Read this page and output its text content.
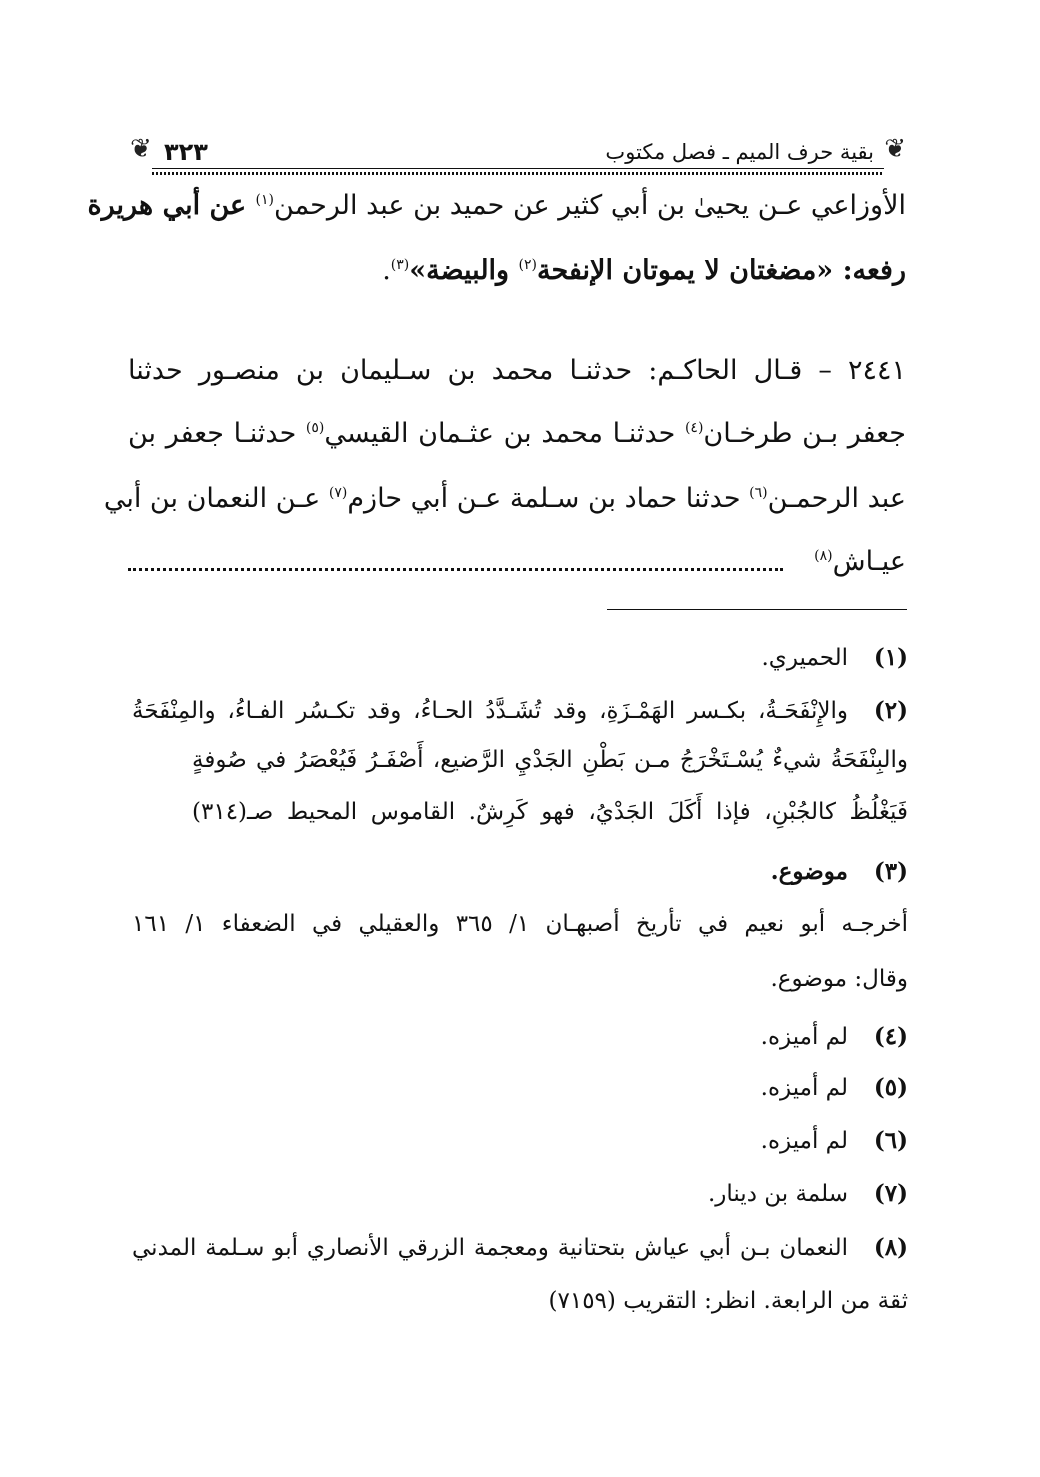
❦
بقية حرف الميم ـ فصل مكتوب
٣٢٣
❦
الأوزاعي عـن يحيىٰ بن أبي كثير عن حميد بن عبد الرحمن$^{(١)}$ عن أبي هريرة
رفعه: «مضغتان لا يموتان الإنفحة$^{(٢)}$ والبيضة»$^{(٣)}$.
٢٤٤١ – قـال الحاكـم: حدثنـا محمد بن سـليمان بن منصـور حدثنا
جعفر بـن طرخـان$^{(٤)}$ حدثنـا محمد بن عثـمان القيسي$^{(٥)}$ حدثنـا جعفر بن
عبد الرحمـن$^{(٦)}$ حدثنا حماد بن سـلمة عـن أبي حازم$^{(٧)}$ عـن النعمان بن أبي
عيـاش$^{(٨)}$
(١)الحميري.
(٢)والإِنْفَحَـةُ، بكـسر الهَمْـزَةِ، وقد تُشَـدَّدُ الحـاءُ، وقد تكـسُر الفـاءُ، والمِنْفَحَةُ
والبِنْفَحَةُ شيءٌ يُسْـتَخْرَجُ مـن بَطْنِ الجَدْيِ الرَّضيع، أَصْفَـرُ فَيُعْصَرُ في صُوفةٍ
فَيَغْلُظُ كالجُبْنِ، فإذا أَكَلَ الجَدْيُ، فهو كَرِشٌ. القاموس المحيط صـ(٣١٤)
(٣)موضوع.
أخرجـه أبو نعيم في تأريخ أصبهـان ١/ ٣٦٥ والعقيلي في الضعفاء ١/ ١٦١
وقال: موضوع.
(٤)لم أميزه.
(٥)لم أميزه.
(٦)لم أميزه.
(٧)سلمة بن دينار.
(٨)النعمان بـن أبي عياش بتحتانية ومعجمة الزرقي الأنصاري أبو سـلمة المدني
ثقة من الرابعة. انظر: التقريب (٧١٥٩)
